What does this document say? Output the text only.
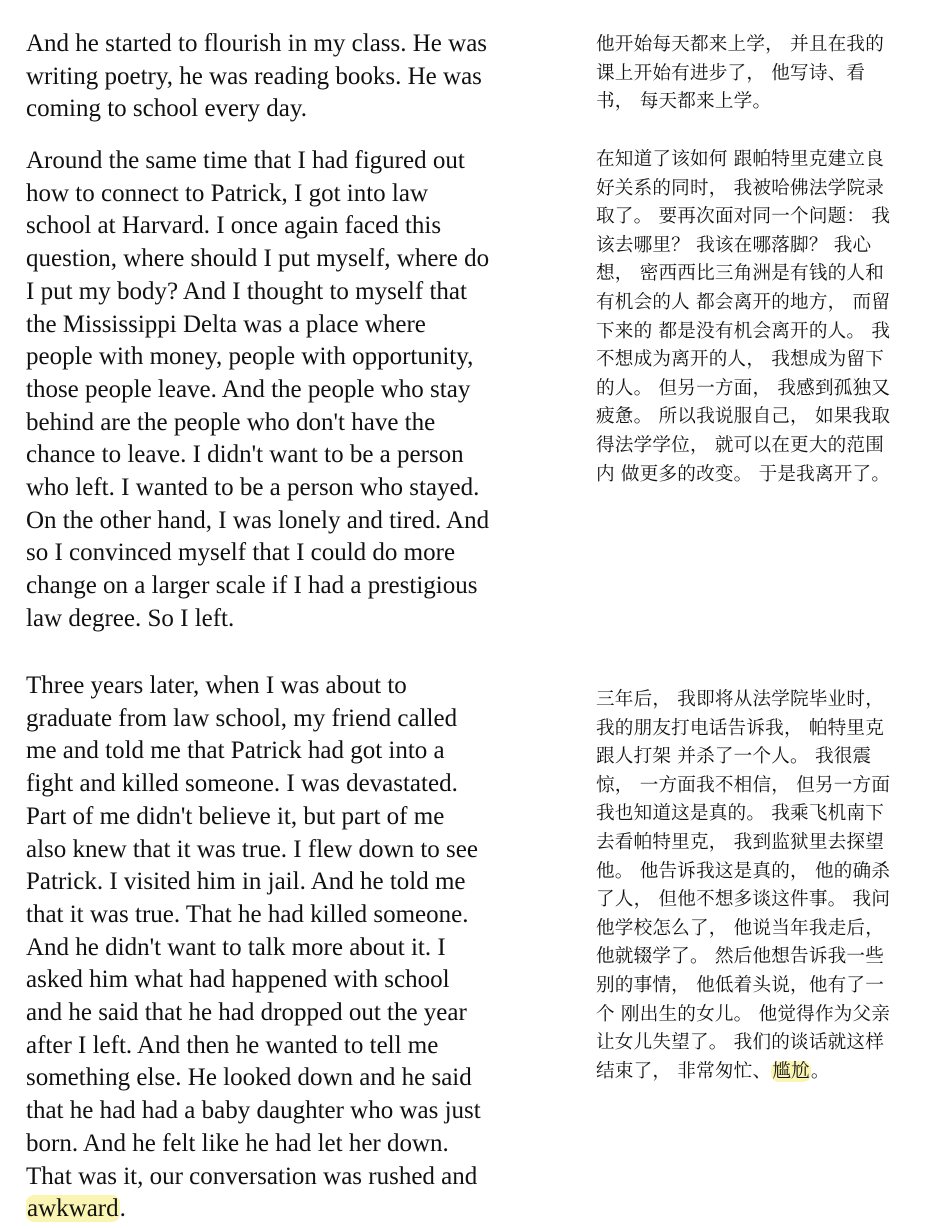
And he started to flourish in my class. He was
writing poetry, he was reading books. He was
coming to school every day.

Around the same time that I had figured out
how to connect to Patrick, I got into law
school at Harvard. I once again faced this
question, where should I put myself, where do
I put my body? And I thought to myself that
the Mississippi Delta was a place where
people with money, people with opportunity,
those people leave. And the people who stay
behind are the people who don't have the
chance to leave. I didn't want to be a person
who left. I wanted to be a person who stayed.
On the other hand, I was lonely and tired. And
so I convinced myself that I could do more
change on a larger scale if I had a prestigious
law degree. So I left.

Three years later, when I was about to
graduate from law school, my friend called
me and told me that Patrick had got into a
fight and killed someone. I was devastated.
Part of me didn't believe it, but part of me
also knew that it was true. I flew down to see
Patrick. I visited him in jail. And he told me
that it was true. That he had killed someone.
And he didn't want to talk more about it. I
asked him what had happened with school
and he said that he had dropped out the year
after I left. And then he wanted to tell me
something else. He looked down and he said
that he had had a baby daughter who was just
born. And he felt like he had let her down.
That was it, our conversation was rushed and
awkward.

他开始每天都来上学， 并且在我的
课上开始有进步了， 他写诗、看
书， 每天都来上学。

在知道了该如何 跟帕特里克建立良
好关系的同时， 我被哈佛法学院录
取了。 要再次面对同一个问题： 我
该去哪里？ 我该在哪落脚？ 我心
想， 密西西比三角洲是有钱的人和
有机会的人 都会离开的地方， 而留
下来的 都是没有机会离开的人。 我
不想成为离开的人， 我想成为留下
的人。 但另一方面， 我感到孤独又
疲惫。 所以我说服自己， 如果我取
得法学学位， 就可以在更大的范围
内 做更多的改变。 于是我离开了。

三年后， 我即将从法学院毕业时，
我的朋友打电话告诉我， 帕特里克
跟人打架 并杀了一个人。 我很震
惊， 一方面我不相信， 但另一方面
我也知道这是真的。 我乘飞机南下
去看帕特里克， 我到监狱里去探望
他。 他告诉我这是真的， 他的确杀
了人， 但他不想多谈这件事。 我问
他学校怎么了， 他说当年我走后，
他就辍学了。 然后他想告诉我一些
别的事情， 他低着头说，他有了一
个 刚出生的女儿。 他觉得作为父亲
让女儿失望了。 我们的谈话就这样
结束了， 非常匆忙、尴尬。
